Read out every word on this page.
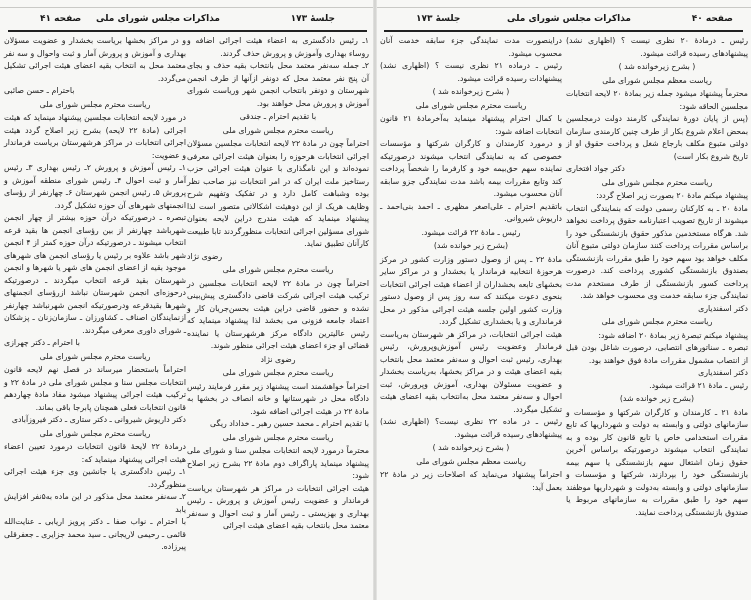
جلسهٔ ۱۷۳
مذاکرات مجلس شورای ملی
صفحه ۴۱

۱ـ رئیس دادگستری به اعضاء هیئت اجرائی اضافه و روساء بهداری وآموزش و پرورش حذف گردند.

۲ـ جمله سه‌نفر معتمد محل بانتخاب بقیه حذف و بجای آن پنج نفر معتمد محل که دونفر ازآنها از طرف انجمن شهرستان و دونفر بانتخاب انجمن شهر وریاست شورای آموزش و پرورش محل خواهند بود.

با تقدیم احترام ـ جندقی

ریاست محترم مجلس شورای ملی

احتراماً چون در مادهٔ ۲۲ لایحه انتخابات مجلسین مسؤلان اجرائی انتخابات هرحوزه را بعنوان هیئت اجرائی معرفی نموده‌اند و این نامگذاری با عنوان هیئت اجرائی حزب رستاخیز ملت ایران که در امر انتخابات نیز صاحب نظر بوده وشباهت کامل دارد و در تفکیک وتفهیم شرح وظایف هریک از این دوهیئت اشکالاتی متصور است لذا پیشنهاد مینماید که هیئت مندرج دراین لایحه بعنوان شورای مسؤلین اجرائی انتخابات منظورگردند تابا طبیعت کارآنان تطبیق نماید.

رضوی نژاد

ریاست محترم مجلس شورای ملی

احتراماً چون در مادهٔ ۲۲ لایحه انتخابات مجلسین در ترکیب هیئت اجرائی شرکت قاضی دادگستری پیش‌بینی نشده و حضور قاضی دراین هیئت بحسن‌جریان کار و اعتماد جامعه فزونی می بخشد لذا پیشنهاد مینماید که رئیس عالیترین دادگاه مرکز هرشهرستان یا نماینده قضائی او جزء اعضای هیئت اجرائی منظور شوند.

رضوی نژاد

ریاست محترم مجلس شورای ملی

احتراماً خواهشمند است پیشنهاد زیر مقرر فرمایند رئیس دادگاه محل در شهرستانها و خانه انصاف در بخشها به مادهٔ ۲۲ در هیئت اجرائی اضافه شود.

با تقدیم احترام ـ محمد حسین رهبر ـ خداداد ریگی

ریاست محترم مجلس شورای ملی

محترماً درمورد لایحه انتخابات مجلس سنا و شورای ملی پیشنهاد مینماید پاراگراف دوم مادهٔ ۲۲ بشرح زیر اصلاح شود:

هیئت اجرائی انتخابات در مراکز هر شهرستان بریاست فرماندار و عضویت رئیس آموزش و پرورش ـ رئیس بهداری و بهزیستی ـ رئیس آمار و ثبت احوال و سه‌نفر معتمد محل بانتخاب بقیه اعضای هیئت اجرائی

و در مراکز بخشها بریاست بخشدار و عضویت مسؤلان بهداری و آموزش و پرورش آمار و ثبت واحوال و سه نفر معتمد محل به انتخاب بقیه اعضای هیئت اجرائی تشکیل می‌گردد.

باحترام ـ حسن صائبی

ریاست محترم مجلس شورای ملی

در مورد لایحه انتخابات مجلسین پیشنهاد مینماید که هیئت اجرائی (مادهٔ ۲۲ لایحه) بشرح زیر اصلاح گردد هیئت اجرائی انتخابات در مراکز هرشهرستان بریاست فرماندار و عضویت:

۱ـ رئیس آموزش و پرورش ۲ـ رئیس بهداری ۳ـ رئیس آمار و ثبت احوال ۴ـ رئیس شورای منطقه آموزش و پرورش ۵ـ رئیس انجمن شهرستان ۶ـ چهارنفر از رؤسای انجمنهای شهرهای آن حوزه تشکیل گردد.

تبصره ـ درصورتیکه درآن حوزه بیشتر از چهار انجمن شهرباشد چهارنفر از بین رؤسای انجمن ها بقید قرعه انتخاب میشوند ـ درصورتیکه درآن حوزه کمتر از ۴ انجمن شهر باشد علاوه بر رئیس یا رؤسای انجمن های شهرهای موجود بقیه از اعضای انجمن های شهر یا شهرها و انجمن شهرستان بقید قرعه انتخاب میگردند ـ درصورتیکه درحوزه‌ای انجمن شهرستان نباشد ازرؤسای انجمنهای شهرها بقیدقرعه ودرصورتیکه انجمن شهرنباشد چهارنفر ازنمایندگان اصناف ـ کشاورزان ـ سازمان‌زنان ـ پزشکان ـ شورای داوری معرفی میگردند.

با احترام ـ دکتر چهرازی

ریاست محترم مجلس شورای ملی

احتراماً باستحضار میرساند در فصل نهم لایحه قانون انتخابات مجلس سنا و مجلس شورای ملی در مادهٔ ۲۲ و ترکیب هیئت اجرائی پیشنهاد میشود مفاد مادهٔ چهاردهم قانون انتخابات فعلی همچنان پابرجا باقی بماند.

دکتر داریوش شیروانی ـ دکتر ستاری ـ دکتر فیروزآبادی

ریاست محترم مجلس شورای ملی

درمادهٔ ۲۲ لایحهٔ قانون انتخابات درمورد تعیین اعضاء هیئت اجرائی پیشنهاد مینماید که:

۱ـ رئیس دادگستری یا جانشین وی جزء هیئت اجرائی منظورگردد.

۲ـ سه‌نفر معتمد محل مذکور در این ماده به‌۵نفر افزایش یابد

با احترام ـ نواب صفا ـ دکتر پرویز اریابی ـ عنایت‌الله قائمی ـ رحیمی لاریجانی ـ سید محمد جزایری ـ جعفرقلی پیرزاده.

صفحه ۴۰
مذاکرات مجلس شورای ملی
جلسهٔ ۱۷۳

رئیس ـ درمادهٔ ۲۰ نظری نیست ؟ (اظهاری نشد) پیشنهادهای رسیده قرائت میشود.

( بشرح زیرخوانده شد )

ریاست معظم مجلس شورای ملی

محترماً پیشنهاد میشود جمله زیر بمادهٔ ۲۰ لایحه انتخابات مجلسین الحاقه شود:

(پس از پایان دورهٔ نمایندگی کارمند دولت درمجلسین بمحض اعلام شروع بکار از طرف چنین کارمندی سازمان دولتی متبوع مکلف بارجاع شغل و پرداخت حقوق او از تاریخ شروع بکار است)

دکتر جواد افتخاری

ریاست محترم مجلس شورای ملی

پیشنهاد میکنم مادهٔ ۲۰ بصورت زیر اصلاح گردد:

مادهٔ ۲۰ ـ به کارکنان رسمی دولت که بنمایندگی انتخاب میشوند از تاریخ تصویب اعتبارنامه حقوق پرداخت نخواهد شد. هرگاه مستخدمین مذکور حقوق بازنشستگی خود را براساس مقررات پرداخت کنند سازمان دولتی متبوع آنان مکلف خواهد بود سهم خود را طبق مقررات بازنشستگی بصندوق بازنشستگی کشوری پرداخت کند. درصورت پرداخت کسور بازنشستگی از طرف مستخدم مدت نمایندگی جزء سابقه خدمت وی محسوب خواهد شد.

دکتر اسفندیاری

ریاست محترم مجلس شورای ملی

پیشنهاد میکنم تبصرهٔ زیر بمادهٔ ۲۰ اضافه شود:

تبصره ـ سناتورهای انتصابی، درصورت شاغل بودن قبل از انتصاب مشمول مقررات مادهٔ فوق خواهند بود.

دکتر اسفندیاری

رئیس ـ مادهٔ ۲۱ قرائت میشود.

(بشرح زیر خوانده شد)

مادهٔ ۲۱ ـ کارمندان و کارگران شرکتها و مؤسسات و سازمانهای دولتی و وابسته به دولت و شهرداریها که تابع مقررات استخدامی خاص یا تابع قانون کار بوده و به نمایندگی انتخاب میشوند درصورتیکه براساس آخرین حقوق زمان اشتغال سهم بازنشستگی یا سهم بیمه بازنشستگی خود را بپردازند، شرکتها و مؤسسات و سازمانهای دولتی و وابسته به‌دولت و شهرداریها موظفند سهم خود را طبق مقررات به سازمانهای مربوط یا صندوق بازنشستگی پرداخت نمایند.

دراینصورت مدت نمایندگی جزء سابقه خدمت آنان محسوب میشود.

رئیس ـ درماده ۲۱ نظری نیست ؟ (اظهاری نشد) پیشنهادات رسیده قرائت میشود.

( بشرح زیرخوانده شد )

ریاست محترم مجلس شورای ملی

با کمال احترام پیشنهاد مینماید به‌آخرمادهٔ ۲۱ قانون انتخابات اضافه شود:

و درمورد کارمندان و کارگران شرکتها و مؤسسات خصوصی که به نمایندگی انتخاب میشوند درصورتیکه نماینده سهم حق‌بیمه خود و کارفرما را شخصاً پرداخت کند وتابع مقررات بیمه باشد مدت نمایندگی جزو سابقه آنان محسوب میشود.

باتقدیم احترام ـ علی‌اصغر مظهری ـ احمد بنی‌احمد ـ داریوش شیروانی.

رئیس ـ مادهٔ ۲۲ قرائت میشود.

(بشرح زیر خوانده شد)

مادهٔ ۲۲ ـ پس از وصول دستور وزارت کشور در مرکز هرحوزهٔ انتخابیه فرماندار یا بخشدار و در مراکز سایر بخشهای تابعه بخشداران از اعضاء هیئت اجرائی انتخابات بنحوی دعوت میکنند که سه روز پس از وصول دستور وزارت کشور اولین جلسه هیئت اجرائی مذکور در محل فرمانداری و یا بخشداری تشکیل گردد.

هیئت اجرائی انتخابات، در مراکز هر شهرستان به‌ریاست فرماندار وعضویت رئیس آموزش‌وپرورش، رئیس بهداری، رئیس ثبت احوال و سه‌نفر معتمد محل بانتخاب بقیه اعضای هیئت و در مراکز بخشها، به‌ریاست بخشدار و عضویت مسئولان بهداری، آموزش وپرورش، ثبت احوال و سه‌نفر معتمد محل به‌انتخاب بقیه اعضای هیئت تشکیل میگردد.

رئیس ـ در ماده ۲۲ نظری نیست؟ (اظهاری نشد) پیشنهادهای رسیده قرائت میشود.

( بشرح زیرخوانده شد )

ریاست معظم مجلس شورای ملی

احتراماً پیشنهاد می‌نماید که اصلاحات زیر در مادهٔ ۲۲ بعمل آید:
